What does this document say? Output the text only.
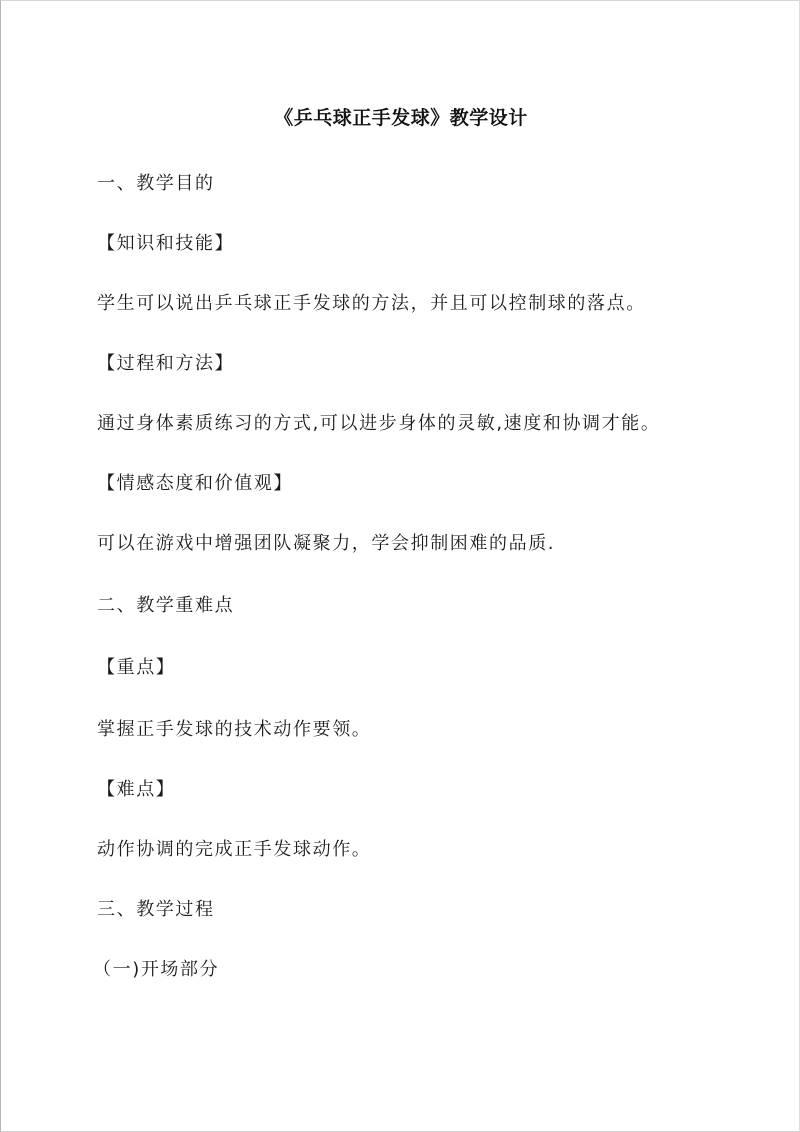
《乒乓球正手发球》教学设计
一、教学目的
【知识和技能】
学生可以说出乒乓球正手发球的方法，并且可以控制球的落点。
【过程和方法】
通过身体素质练习的方式,可以进步身体的灵敏,速度和协调才能。
【情感态度和价值观】
可以在游戏中增强团队凝聚力，学会抑制困难的品质.
二、教学重难点
【重点】
掌握正手发球的技术动作要领。
【难点】
动作协调的完成正手发球动作。
三、教学过程
（一)开场部分
